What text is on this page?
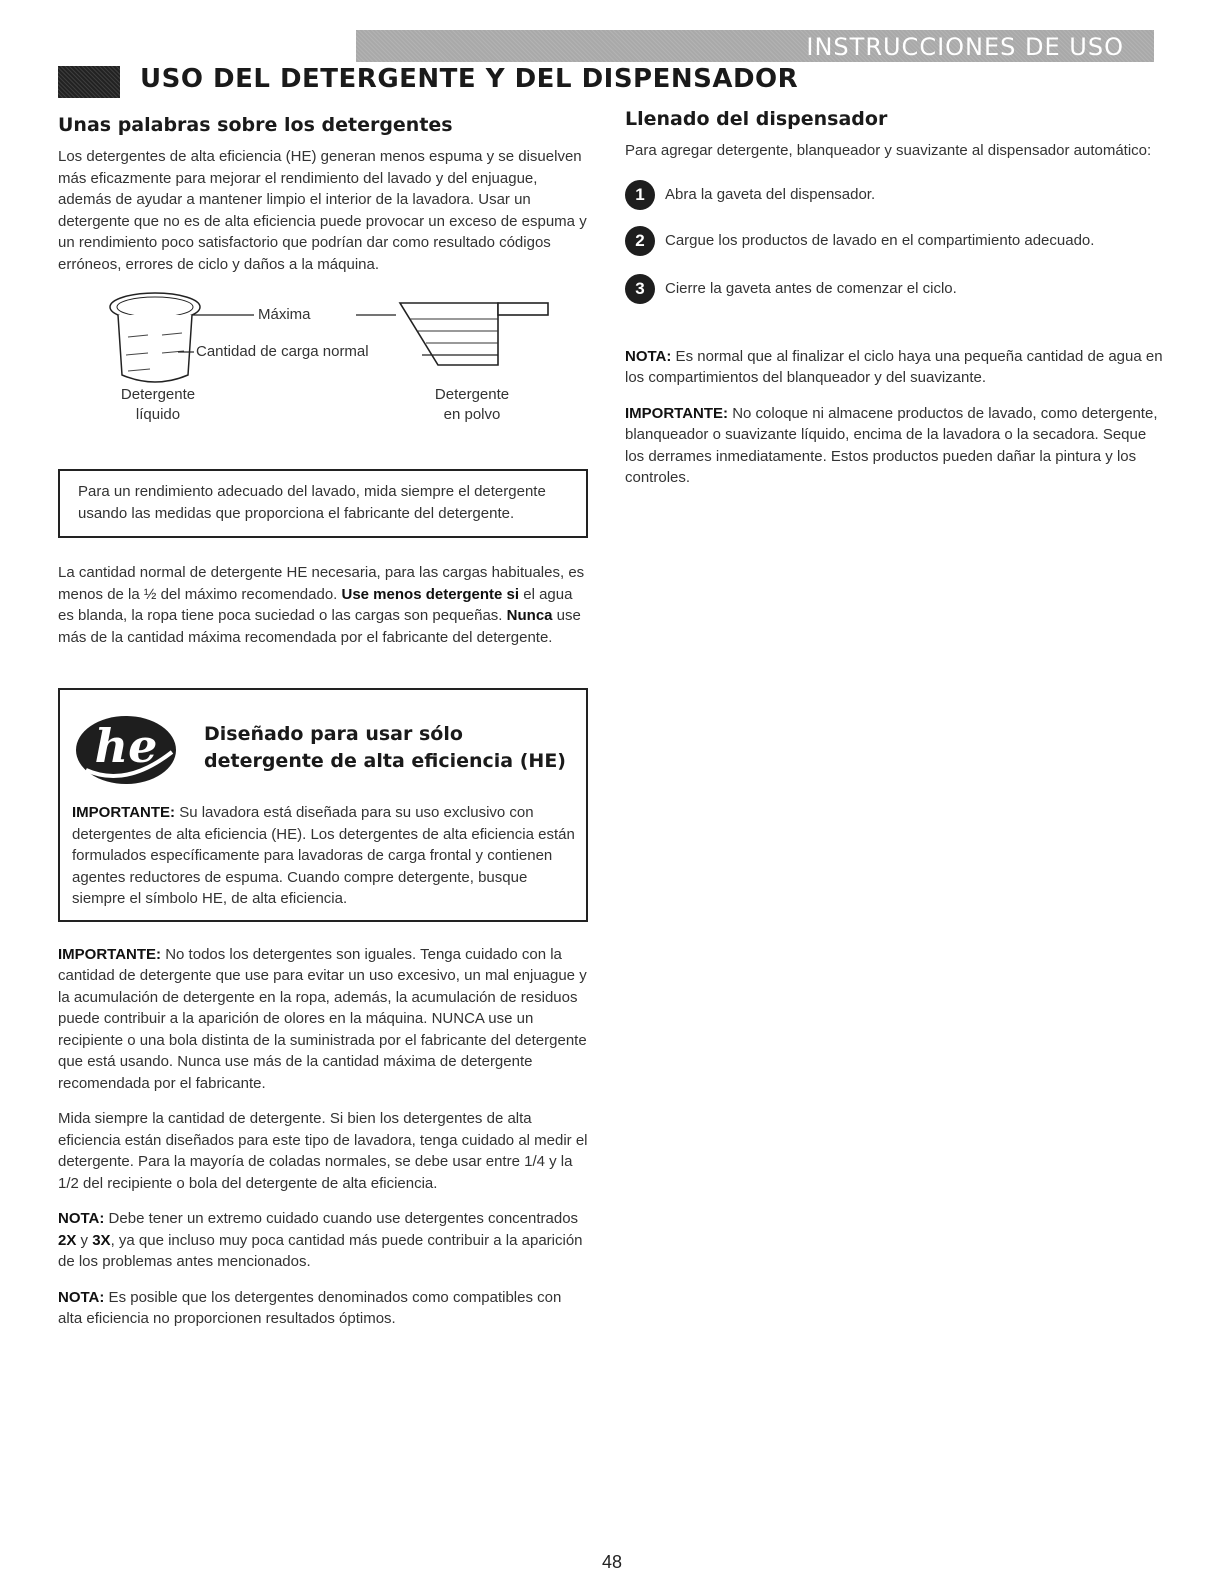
INSTRUCCIONES DE USO
USO DEL DETERGENTE Y DEL DISPENSADOR
Unas palabras sobre los detergentes

Los detergentes de alta eficiencia (HE) generan menos espuma y se disuelven más eficazmente para mejorar el rendimiento del lavado y del enjuague, además de ayudar a mantener limpio el interior de la lavadora. Usar un detergente que no es de alta eficiencia puede provocar un exceso de espuma y un rendimiento poco satisfactorio que podrían dar como resultado códigos erróneos, errores de ciclo y daños a la máquina.

Máxima
Cantidad de carga normal
Detergente
líquido
Detergente
en polvo

Para un rendimiento adecuado del lavado, mida siempre el detergente usando las medidas que proporciona el fabricante del detergente.

La cantidad normal de detergente HE necesaria, para las cargas habituales, es menos de la ½ del máximo recomendado. Use menos detergente si el agua es blanda, la ropa tiene poca suciedad o las cargas son pequeñas. Nunca use más de la cantidad máxima recomendada por el fabricante del detergente.

he Diseñado para usar sólo
detergente de alta eficiencia (HE)

IMPORTANTE: Su lavadora está diseñada para su uso exclusivo con detergentes de alta eficiencia (HE). Los detergentes de alta eficiencia están formulados específicamente para lavadoras de carga frontal y contienen agentes reductores de espuma. Cuando compre detergente, busque siempre el símbolo HE, de alta eficiencia.

IMPORTANTE: No todos los detergentes son iguales. Tenga cuidado con la cantidad de detergente que use para evitar un uso excesivo, un mal enjuague y la acumulación de detergente en la ropa, además, la acumulación de residuos puede contribuir a la aparición de olores en la máquina. NUNCA use un recipiente o una bola distinta de la suministrada por el fabricante del detergente que está usando. Nunca use más de la cantidad máxima de detergente recomendada por el fabricante.

Mida siempre la cantidad de detergente. Si bien los detergentes de alta eficiencia están diseñados para este tipo de lavadora, tenga cuidado al medir el detergente. Para la mayoría de coladas normales, se debe usar entre 1/4 y la 1/2 del recipiente o bola del detergente de alta eficiencia.

NOTA: Debe tener un extremo cuidado cuando use detergentes concentrados 2X y 3X, ya que incluso muy poca cantidad más puede contribuir a la aparición de los problemas antes mencionados.

NOTA: Es posible que los detergentes denominados como compatibles con alta eficiencia no proporcionen resultados óptimos.

Llenado del dispensador

Para agregar detergente, blanqueador y suavizante al dispensador automático:

1	Abra la gaveta del dispensador.
2	Cargue los productos de lavado en el compartimiento adecuado.
3	Cierre la gaveta antes de comenzar el ciclo.

NOTA: Es normal que al finalizar el ciclo haya una pequeña cantidad de agua en los compartimientos del blanqueador y del suavizante.

IMPORTANTE: No coloque ni almacene productos de lavado, como detergente, blanqueador o suavizante líquido, encima de la lavadora o la secadora. Seque los derrames inmediatamente. Estos productos pueden dañar la pintura y los controles.

48
